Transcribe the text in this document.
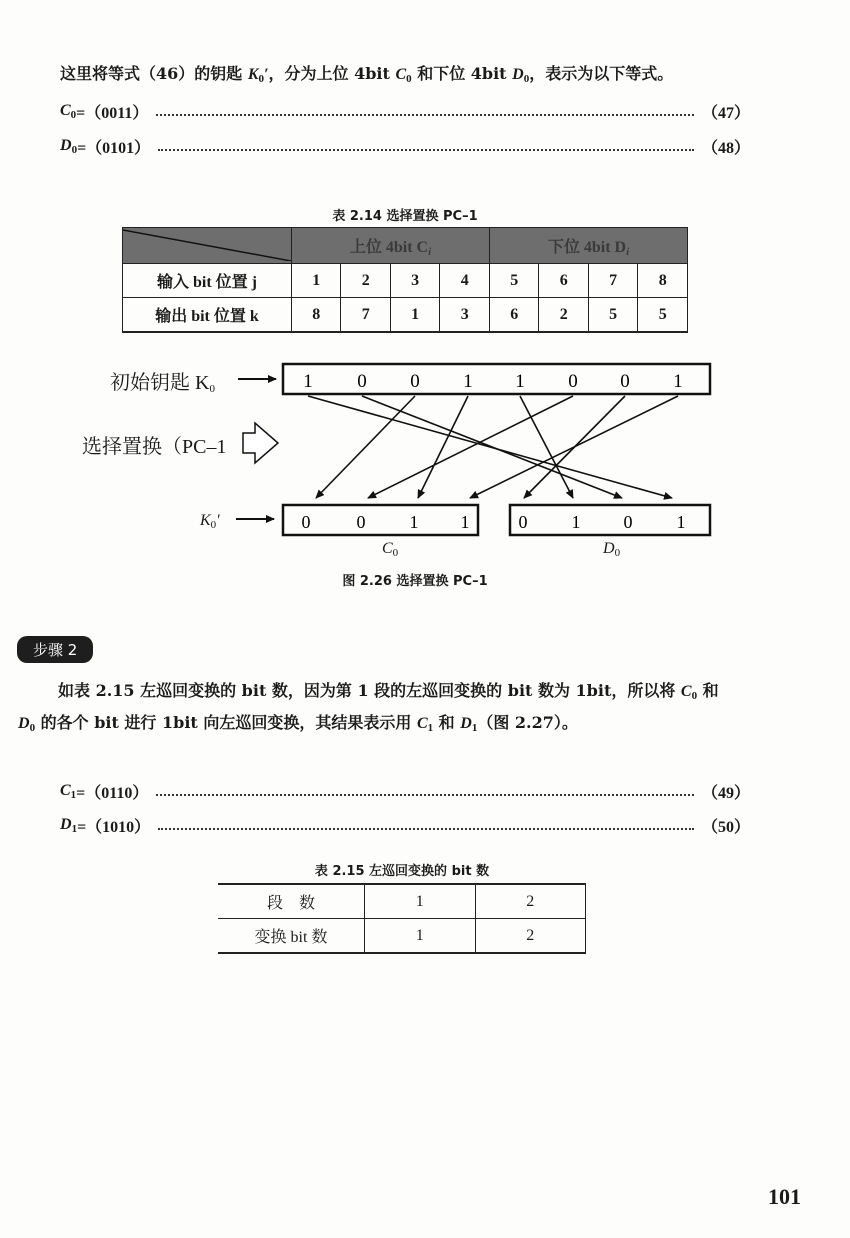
这里将等式（46）的钥匙 $K_0'$，分为上位 4bit $C_0$ 和下位 4bit $D_0$，表示为以下等式。
$C_0 =(0011)$	（47）
$D_0 =(0101)$	（48）
表 2.14 选择置换 PC–1
	上位 4bit $C_i$				下位 4bit $D_i$
输入 bit 位置 j	1	2	3	4	5	6	7	8
输出 bit 位置 k	8	7	1	3	6	2	5	5
初始钥匙 $K_0$
选择置换（PC–1
$K_0'$
1 0 0 1 1 0 0 1
0	0 1 1	0 1 0 1
$C_0$	$D_0$
图 2.26 选择置换 PC–1
步骤 2
如表 2.15 左巡回变换的 bit 数，因为第 1 段的左巡回变换的 bit 数为 1bit，所以将 $C_0$ 和
$D_0$ 的各个 bit 进行 1bit 向左巡回变换，其结果表示用 $C_1$ 和 $D_1$（图 2.27）。
$C_1 =(0110)$	（49）
$D_1 =(1010)$	（50）
表 2.15 左巡回变换的 bit 数
段　数	1	2
变换 bit 数	1	2
101
